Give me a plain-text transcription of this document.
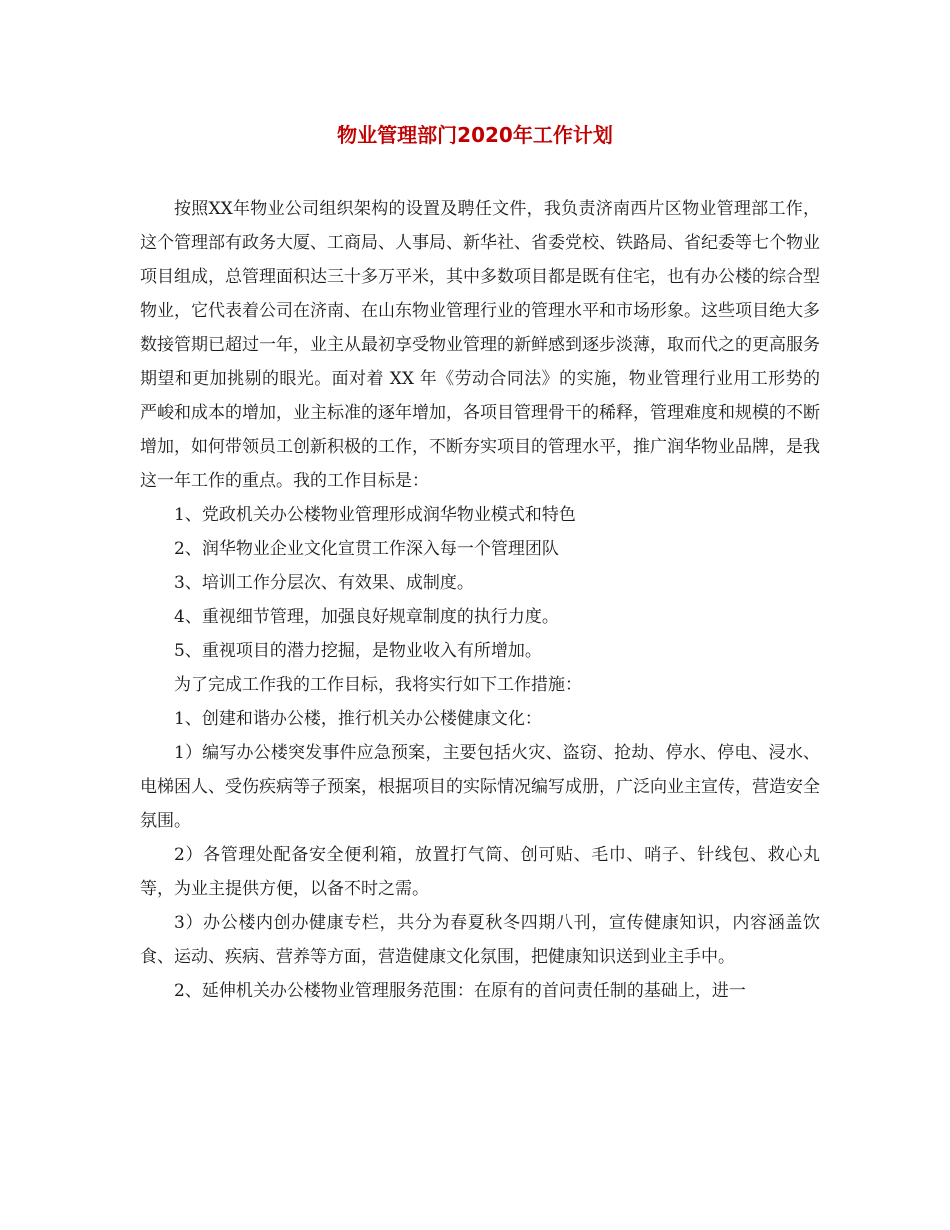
物业管理部门2020年工作计划

按照XX年物业公司组织架构的设置及聘任文件，我负责济南西片区物业管理部工作，这个管理部有政务大厦、工商局、人事局、新华社、省委党校、铁路局、省纪委等七个物业项目组成，总管理面积达三十多万平米，其中多数项目都是既有住宅，也有办公楼的综合型物业，它代表着公司在济南、在山东物业管理行业的管理水平和市场形象。这些项目绝大多数接管期已超过一年，业主从最初享受物业管理的新鲜感到逐步淡薄，取而代之的更高服务期望和更加挑剔的眼光。面对着 XX 年《劳动合同法》的实施，物业管理行业用工形势的严峻和成本的增加，业主标准的逐年增加，各项目管理骨干的稀释，管理难度和规模的不断增加，如何带领员工创新积极的工作，不断夯实项目的管理水平，推广润华物业品牌，是我这一年工作的重点。我的工作目标是：

1、党政机关办公楼物业管理形成润华物业模式和特色

2、润华物业企业文化宣贯工作深入每一个管理团队

3、培训工作分层次、有效果、成制度。

4、重视细节管理，加强良好规章制度的执行力度。

5、重视项目的潜力挖掘，是物业收入有所增加。

为了完成工作我的工作目标，我将实行如下工作措施：

1、创建和谐办公楼，推行机关办公楼健康文化：

1）编写办公楼突发事件应急预案，主要包括火灾、盗窃、抢劫、停水、停电、浸水、电梯困人、受伤疾病等子预案，根据项目的实际情况编写成册，广泛向业主宣传，营造安全氛围。

2）各管理处配备安全便利箱，放置打气筒、创可贴、毛巾、哨子、针线包、救心丸等，为业主提供方便，以备不时之需。

3）办公楼内创办健康专栏，共分为春夏秋冬四期八刊，宣传健康知识，内容涵盖饮食、运动、疾病、营养等方面，营造健康文化氛围，把健康知识送到业主手中。

2、延伸机关办公楼物业管理服务范围：在原有的首问责任制的基础上，进一
